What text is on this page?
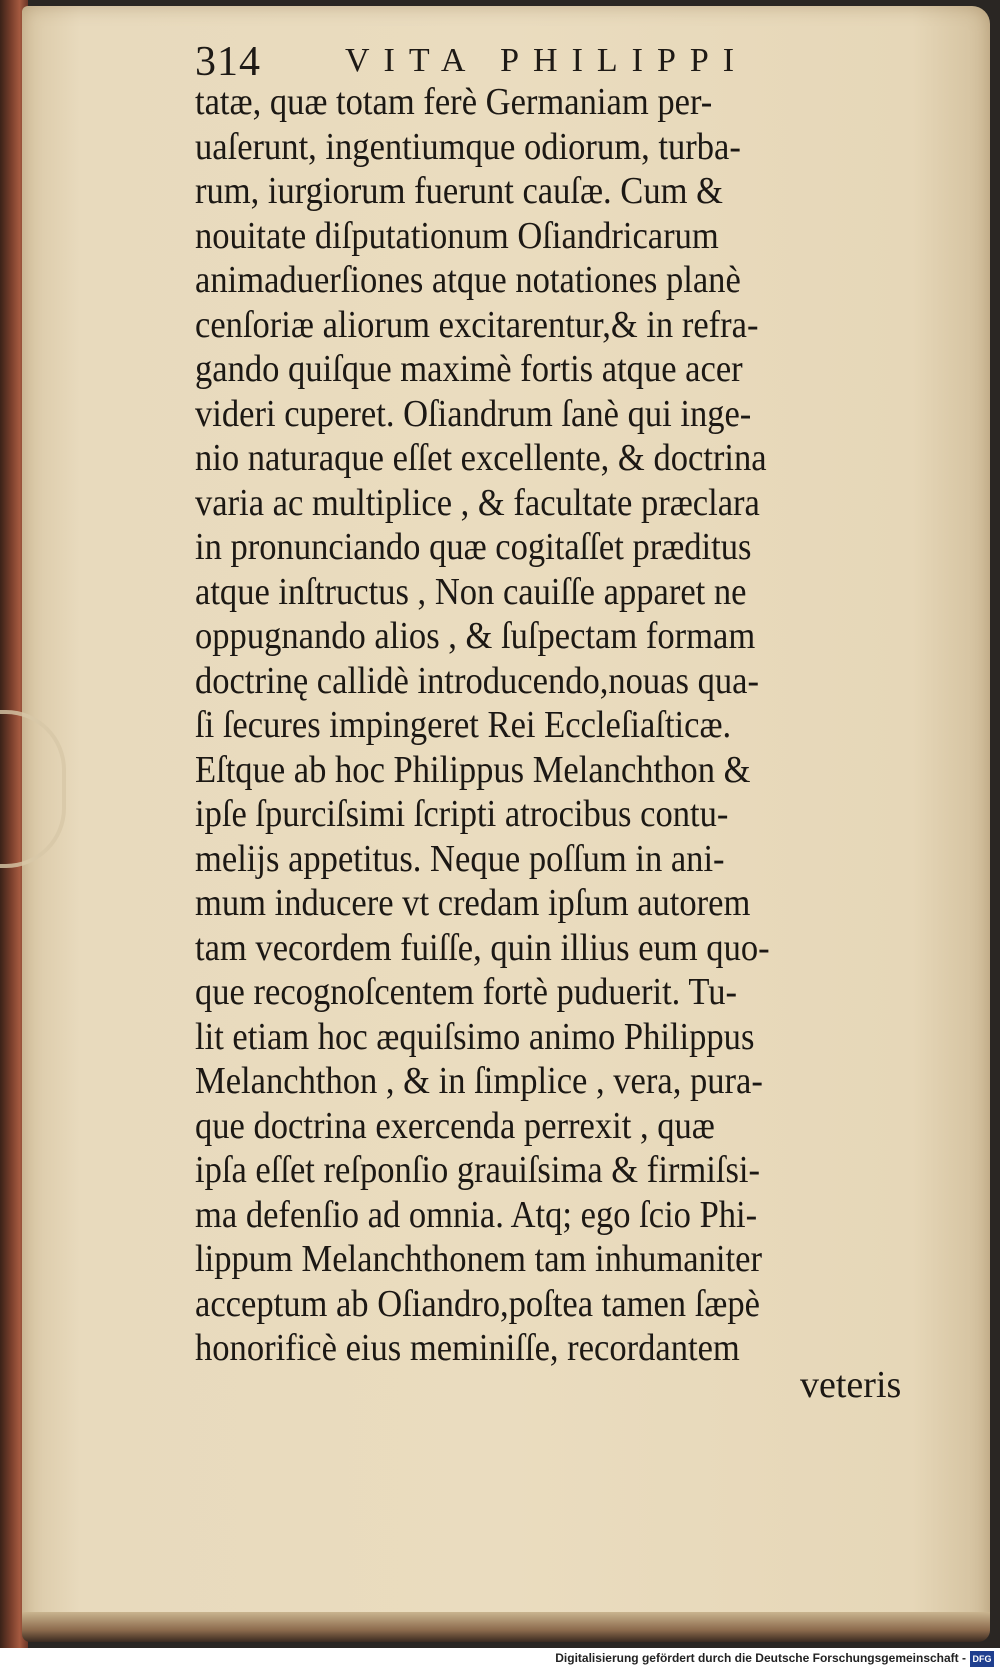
314 VITA PHILIPPI
tatæ, quæ totam ferè Germaniam per-
uaſerunt, ingentiumque odiorum, turba-
rum, iurgiorum fuerunt cauſæ. Cum &
nouitate diſputationum Oſiandricarum
animaduerſiones atque notationes planè
cenſoriæ aliorum excitarentur,& in refra-
gando quiſque maximè fortis atque acer
videri cuperet. Oſiandrum ſanè qui inge-
nio naturaque eſſet excellente, & doctrina
varia ac multiplice , & facultate præclara
in pronunciando quæ cogitaſſet præditus
atque inſtructus , Non cauiſſe apparet ne
oppugnando alios , & ſuſpectam formam
doctrinę callidè introducendo,nouas qua-
ſi ſecures impingeret Rei Eccleſiaſticæ.
Eſtque ab hoc Philippus Melanchthon &
ipſe ſpurciſsimi ſcripti atrocibus contu-
melijs appetitus. Neque poſſum in ani-
mum inducere vt credam ipſum autorem
tam vecordem fuiſſe, quin illius eum quo-
que recognoſcentem fortè puduerit. Tu-
lit etiam hoc æquiſsimo animo Philippus
Melanchthon , & in ſimplice , vera, pura-
que doctrina exercenda perrexit , quæ
ipſa eſſet reſponſio grauiſsima & firmiſsi-
ma defenſio ad omnia. Atq; ego ſcio Phi-
lippum Melanchthonem tam inhumaniter
acceptum ab Oſiandro,poſtea tamen ſæpè
honorificè eius meminiſſe, recordantem
veteris
Digitalisierung gefördert durch die Deutsche Forschungsgemeinschaft - DFG
